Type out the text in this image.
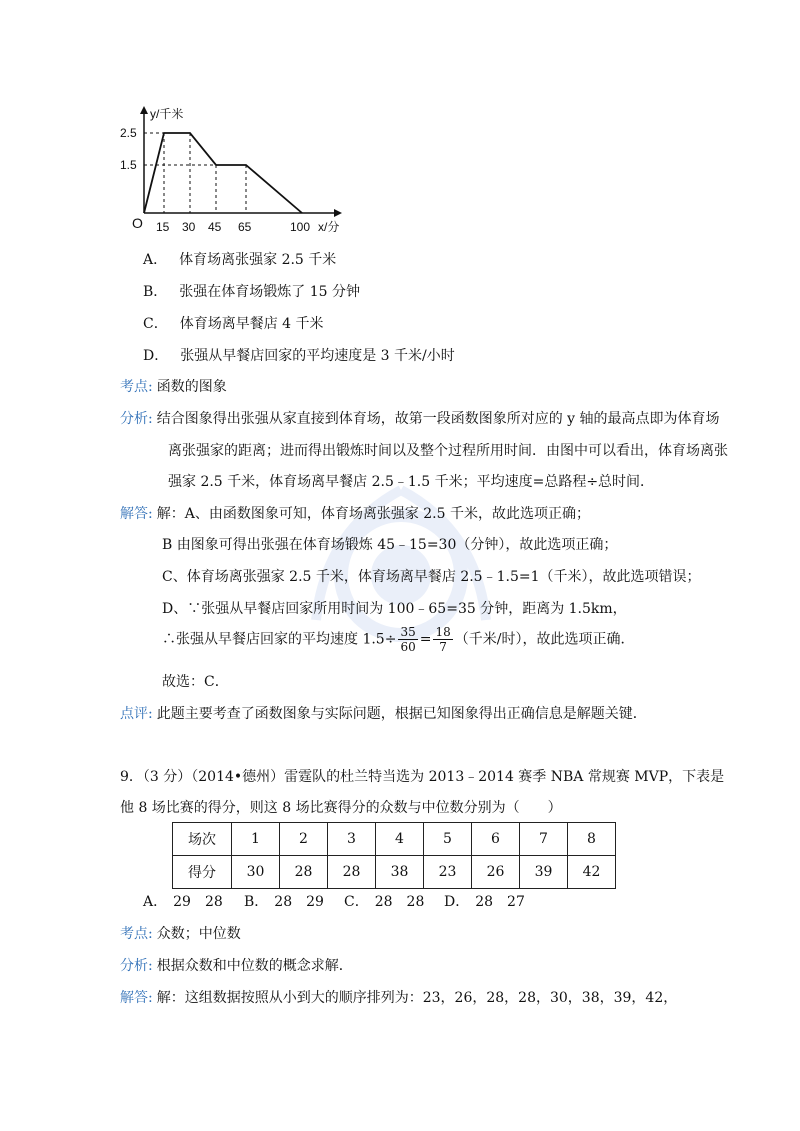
y/千米
x/分
O
2.5
1.5
15 30 45 65	100
A． 体育场离张强家 2.5 千米
B． 张强在体育场锻炼了 15 分钟
C． 体育场离早餐店 4 千米
D． 张强从早餐店回家的平均速度是 3 千米/小时
考点: 函数的图象
分析: 结合图象得出张强从家直接到体育场，故第一段函数图象所对应的 y 轴的最高点即为体育场
离张强家的距离；进而得出锻炼时间以及整个过程所用时间．由图中可以看出，体育场离张
强家 2.5 千米，体育场离早餐店 2.5﹣1.5 千米；平均速度=总路程÷总时间．
解答: 解：A、由函数图象可知，体育场离张强家 2.5 千米，故此选项正确；
B 由图象可得出张强在体育场锻炼 45﹣15=30（分钟），故此选项正确；
C、体育场离张强家 2.5 千米，体育场离早餐店 2.5﹣1.5=1（千米），故此选项错误；
D、∵张强从早餐店回家所用时间为 100﹣65=35 分钟，距离为 1.5km，
∴张强从早餐店回家的平均速度 $1.5\div \frac{35}{60} = \frac{18}{7}$ （千米/时），故此选项正确．
故选：C．
点评: 此题主要考查了函数图象与实际问题，根据已知图象得出正确信息是解题关键．
9．（3 分）（2014•德州）雷霆队的杜兰特当选为 2013﹣2014 赛季 NBA 常规赛 MVP，下表是
他 8 场比赛的得分，则这 8 场比赛得分的众数与中位数分别为（　　）
场次	1	2	3	4	5	6	7	8
得分	30	28	28	38	23	26	39	42
A． 29　28 B． 28　29 C． 28　28 D． 28　27
考点: 众数；中位数
分析: 根据众数和中位数的概念求解．
解答: 解：这组数据按照从小到大的顺序排列为：23，26，28，28，30，38，39，42，
